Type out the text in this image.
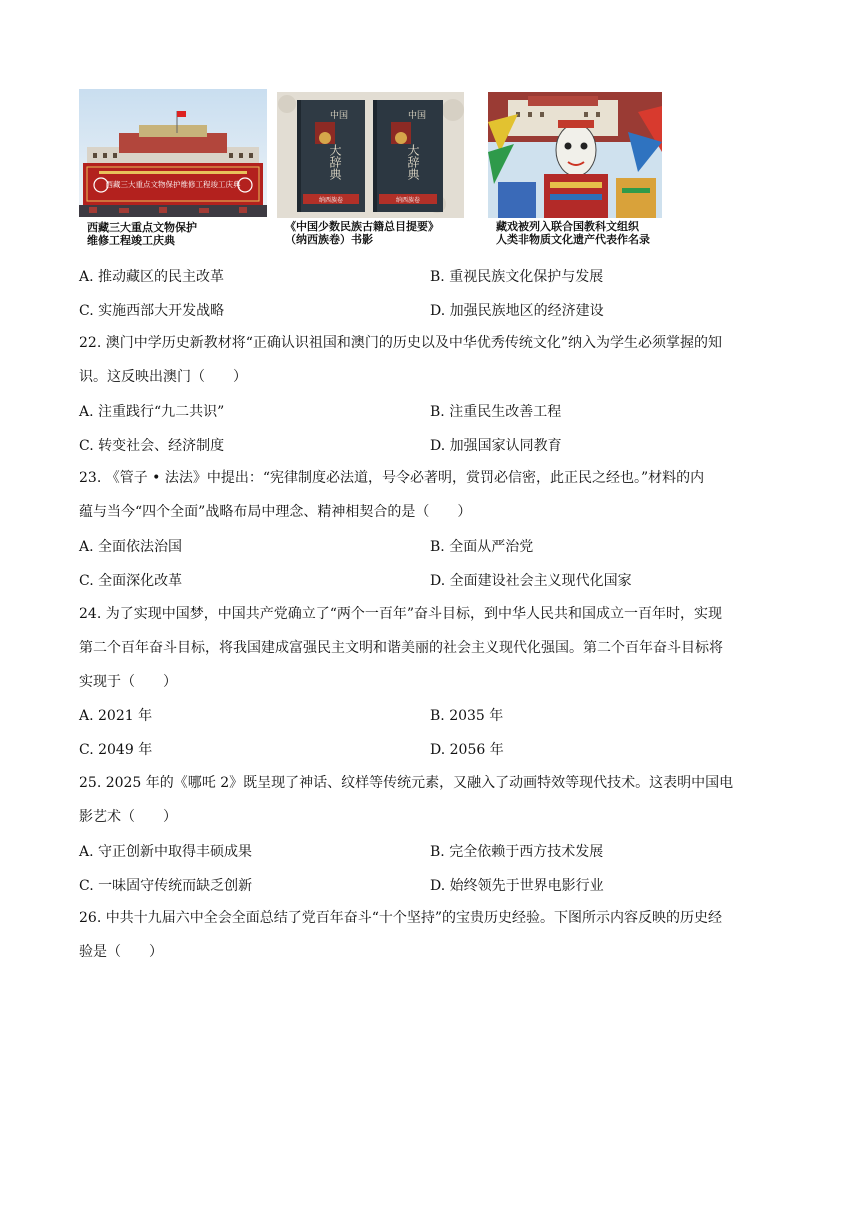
西藏三大重点文物保护维修工程竣工庆典
西藏三大重点文物保护
维修工程竣工庆典
中国
大辞典
纳西族卷
中国
大辞典
纳西族卷
《中国少数民族古籍总目提要》
（纳西族卷）书影
藏戏被列入联合国教科文组织
人类非物质文化遗产代表作名录
A. 推动藏区的民主改革	B. 重视民族文化保护与发展
C. 实施西部大开发战略	D. 加强民族地区的经济建设
22. 澳门中学历史新教材将“正确认识祖国和澳门的历史以及中华优秀传统文化”纳入为学生必须掌握的知
识。这反映出澳门（　　）
A. 注重践行“九二共识”	B. 注重民生改善工程
C. 转变社会、经济制度	D. 加强国家认同教育
23. 《管子 • 法法》中提出：“宪律制度必法道，号令必著明，赏罚必信密，此正民之经也。”材料的内
蕴与当今“四个全面”战略布局中理念、精神相契合的是（　　）
A. 全面依法治国	B. 全面从严治党
C. 全面深化改革	D. 全面建设社会主义现代化国家
24. 为了实现中国梦，中国共产党确立了“两个一百年”奋斗目标，到中华人民共和国成立一百年时，实现
第二个百年奋斗目标，将我国建成富强民主文明和谐美丽的社会主义现代化强国。第二个百年奋斗目标将
实现于（　　）
A. 2021 年	B. 2035 年
C. 2049 年	D. 2056 年
25. 2025 年的《哪吒 2》既呈现了神话、纹样等传统元素，又融入了动画特效等现代技术。这表明中国电
影艺术（　　）
A. 守正创新中取得丰硕成果	B. 完全依赖于西方技术发展
C. 一味固守传统而缺乏创新	D. 始终领先于世界电影行业
26. 中共十九届六中全会全面总结了党百年奋斗“十个坚持”的宝贵历史经验。下图所示内容反映的历史经
验是（　　）
